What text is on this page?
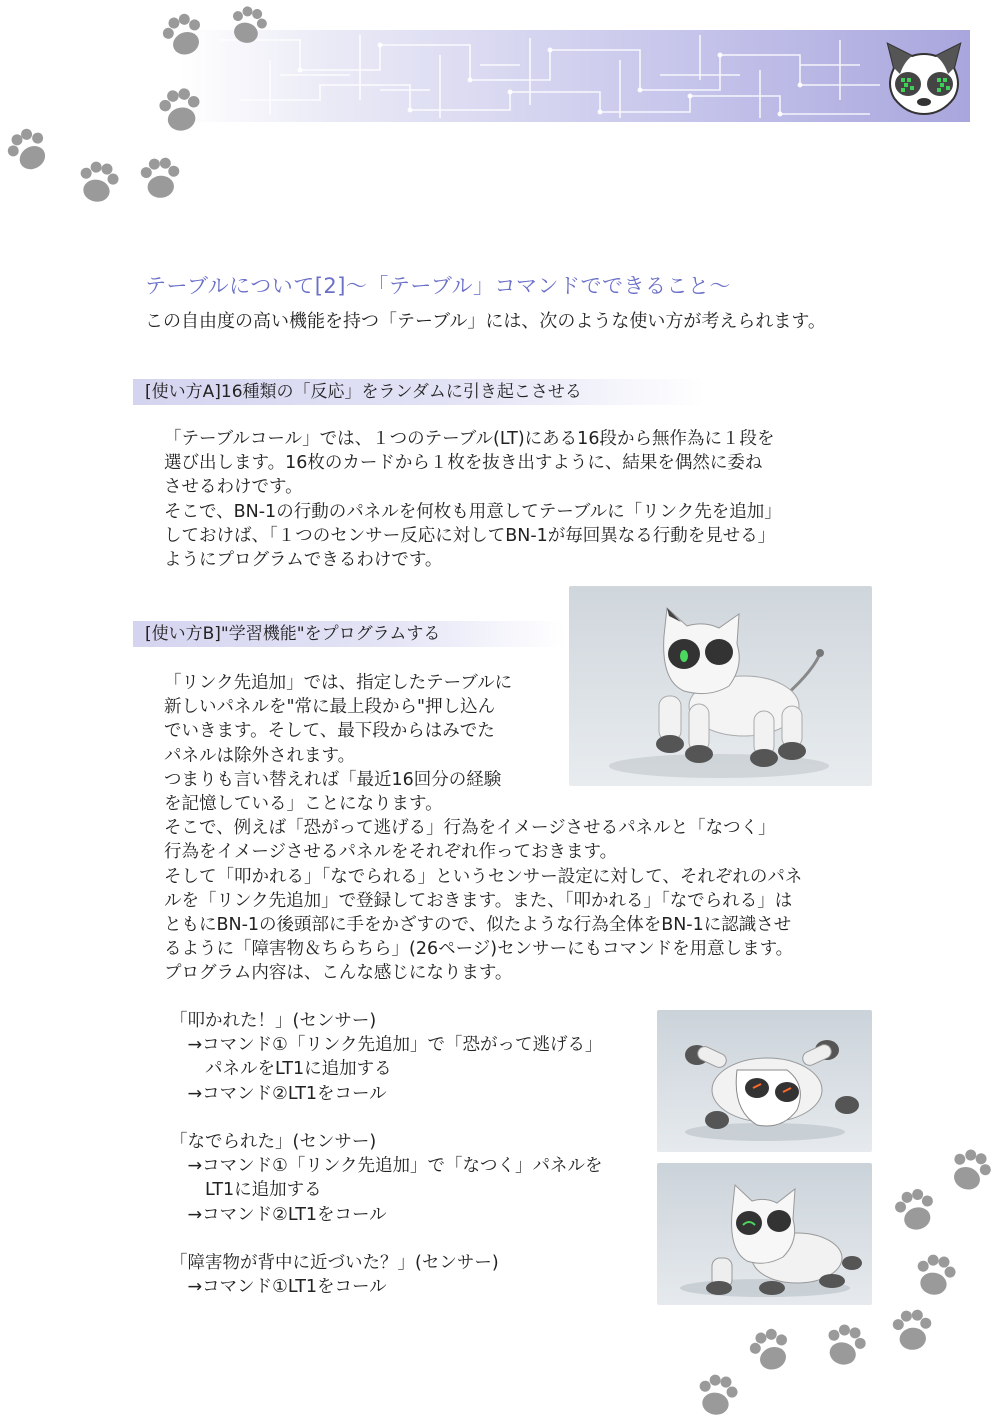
テーブルについて[2]〜「テーブル」コマンドでできること〜
この自由度の高い機能を持つ「テーブル」には、次のような使い方が考えられます。
[使い方A]16種類の「反応」をランダムに引き起こさせる
「テーブルコール」では、１つのテーブル(LT)にある16段から無作為に１段を
選び出します。16枚のカードから１枚を抜き出すように、結果を偶然に委ね
させるわけです。
そこで、BN-1の行動のパネルを何枚も用意してテーブルに「リンク先を追加」
しておけば、「１つのセンサー反応に対してBN-1が毎回異なる行動を見せる」
ようにプログラムできるわけです。
[使い方B]"学習機能"をプログラムする
「リンク先追加」では、指定したテーブルに
新しいパネルを"常に最上段から"押し込ん
でいきます。そして、最下段からはみでた
パネルは除外されます。
つまりも言い替えれば「最近16回分の経験
を記憶している」ことになります。
そこで、例えば「恐がって逃げる」行為をイメージさせるパネルと「なつく」
行為をイメージさせるパネルをそれぞれ作っておきます。
そして「叩かれる」「なでられる」というセンサー設定に対して、それぞれのパネ
ルを「リンク先追加」で登録しておきます。また、「叩かれる」「なでられる」は
ともにBN-1の後頭部に手をかざすので、似たような行為全体をBN-1に認識させ
るように「障害物＆ちらちら」(26ページ)センサーにもコマンドを用意します。
プログラム内容は、こんな感じになります。
「叩かれた！」(センサー)
　→コマンド①「リンク先追加」で「恐がって逃げる」
　　パネルをLT1に追加する
　→コマンド②LT1をコール
「なでられた」(センサー)
　→コマンド①「リンク先追加」で「なつく」パネルを
　　LT1に追加する
　→コマンド②LT1をコール
「障害物が背中に近づいた？」(センサー)
　→コマンド①LT1をコール
